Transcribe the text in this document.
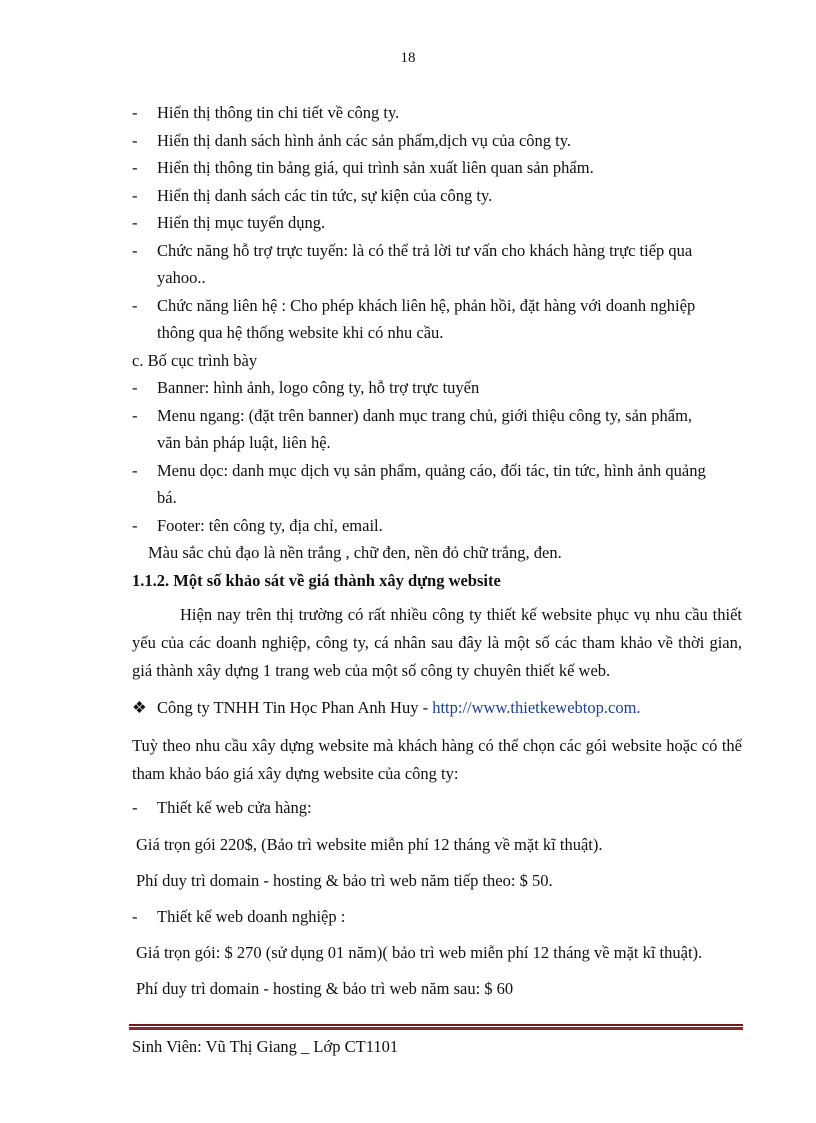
18
-	Hiển thị thông tin chi tiết về công ty.
-	Hiển thị danh sách hình ảnh các sản phẩm,dịch vụ của công ty.
-	Hiển thị thông tin bảng giá, qui trình sản xuất liên quan sản phẩm.
-	Hiển thị danh sách các tin tức, sự kiện của công ty.
-	Hiển thị mục tuyển dụng.
-	Chức năng hỗ trợ trực tuyến: là có thể trả lời tư vấn cho khách hàng trực tiếp qua
yahoo..
-	Chức năng liên hệ : Cho phép khách liên hệ, phản hồi, đặt hàng với doanh nghiệp
thông qua hệ thống website khi có nhu cầu.
c. Bố cục trình bày
-	Banner: hình ảnh, logo công ty, hỗ trợ trực tuyến
-	Menu ngang: (đặt trên banner) danh mục trang chủ, giới thiệu công ty, sản phẩm,
văn bản pháp luật, liên hệ.
-	Menu dọc: danh mục dịch vụ sản phẩm, quảng cáo, đối tác, tin tức, hình ảnh quảng
bá.
-	Footer: tên công ty, địa chỉ, email.
Màu sắc chủ đạo là nền trắng , chữ đen, nền đỏ chữ trắng, đen.
1.1.2. Một số khảo sát về giá thành xây dựng website
Hiện nay trên thị trường có rất nhiều công ty thiết kế website phục vụ nhu cầu thiết yếu của các doanh nghiệp, công ty, cá nhân sau đây là một số các tham khảo về thời gian, giá thành xây dựng 1 trang web của một số công ty chuyên thiết kế web.
❖ Công ty TNHH Tin Học Phan Anh Huy - http://www.thietkewebtop.com.
Tuỳ theo nhu cầu xây dựng website mà khách hàng có thể chọn các gói website hoặc có thể tham khảo báo giá xây dựng website của công ty:
- Thiết kế web cửa hàng:
Giá trọn gói 220$, (Bảo trì website miễn phí 12 tháng về mặt kĩ thuật).
Phí duy trì domain - hosting & bảo trì web năm tiếp theo: $ 50.
- Thiết kế web doanh nghiệp :
Giá trọn gói: $ 270 (sử dụng 01 năm)( bảo trì web miễn phí 12 tháng về mặt kĩ thuật).
Phí duy trì domain - hosting & bảo trì web năm sau: $ 60
Sinh Viên: Vũ Thị Giang _ Lớp CT1101
